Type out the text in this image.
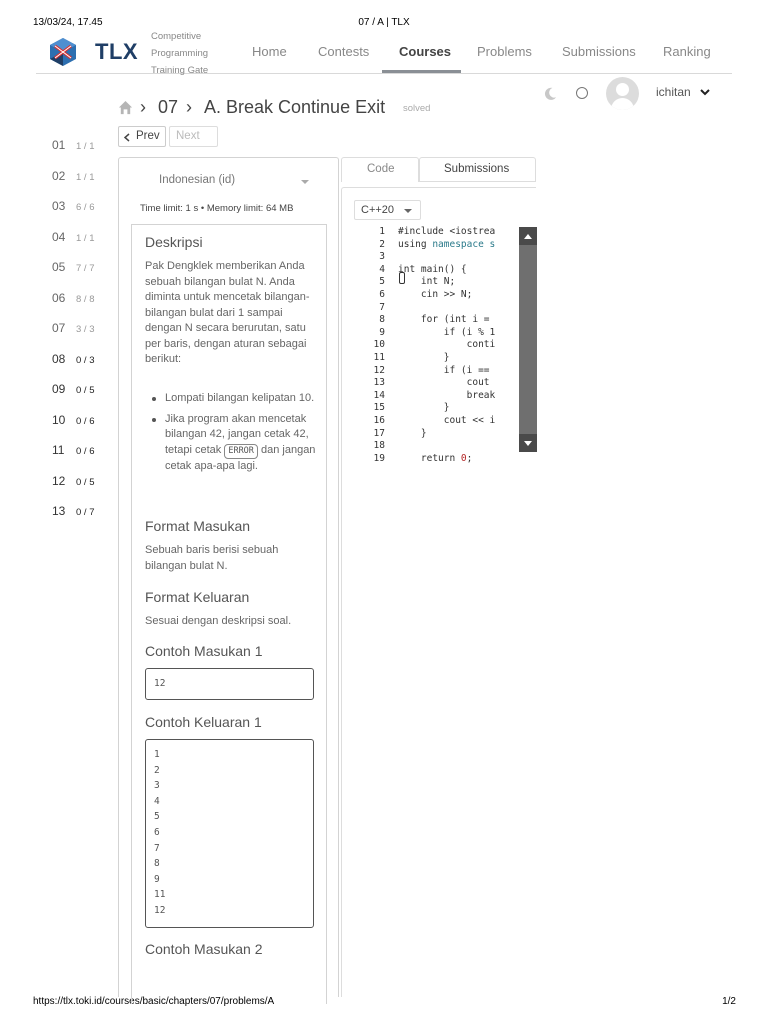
13/03/24, 17.45	07 / A | TLX
https://tlx.toki.id/courses/basic/chapters/07/problems/A	1/2
TLX
Competitive
Programming
Training Gate
Home Contests Courses Problems Submissions Ranking
› 07 › A. Break Continue Exit solved
ichitan
01 1 / 1
02 1 / 1
03 6 / 6
04 1 / 1
05 7 / 7
06 8 / 8
07 3 / 3
08 0 / 3
09 0 / 5
10 0 / 6
11 0 / 6
12 0 / 5
13 0 / 7
Prev Next
Indonesian (id)
Time limit: 1 s • Memory limit: 64 MB
Deskripsi

Pak Dengklek memberikan Anda sebuah bilangan bulat N. Anda diminta untuk mencetak bilangan-bilangan bulat dari 1 sampai dengan N secara berurutan, satu per baris, dengan aturan sebagai berikut:

Lompati bilangan kelipatan 10.
Jika program akan mencetak bilangan 42, jangan cetak 42, tetapi cetak ERROR dan jangan cetak apa-apa lagi.
Format Masukan

Sebuah baris berisi sebuah bilangan bulat N.

Format Keluaran

Sesuai dengan deskripsi soal.

Contoh Masukan 1
12
Contoh Keluaran 1
1
2
3
4
5
6
7
8
9
11
12
Contoh Masukan 2
Code	Submissions
C++20
1
2
3
4
5
6
7
8
9
10
11
12
13
14
15
16
17
18
19
#include <iostrea
using namespace s
int main() {
int N;
cin >> N;
for (int i =
if (i % 1
conti
}
if (i ==
cout
break
}
cout << i
}
return 0;
